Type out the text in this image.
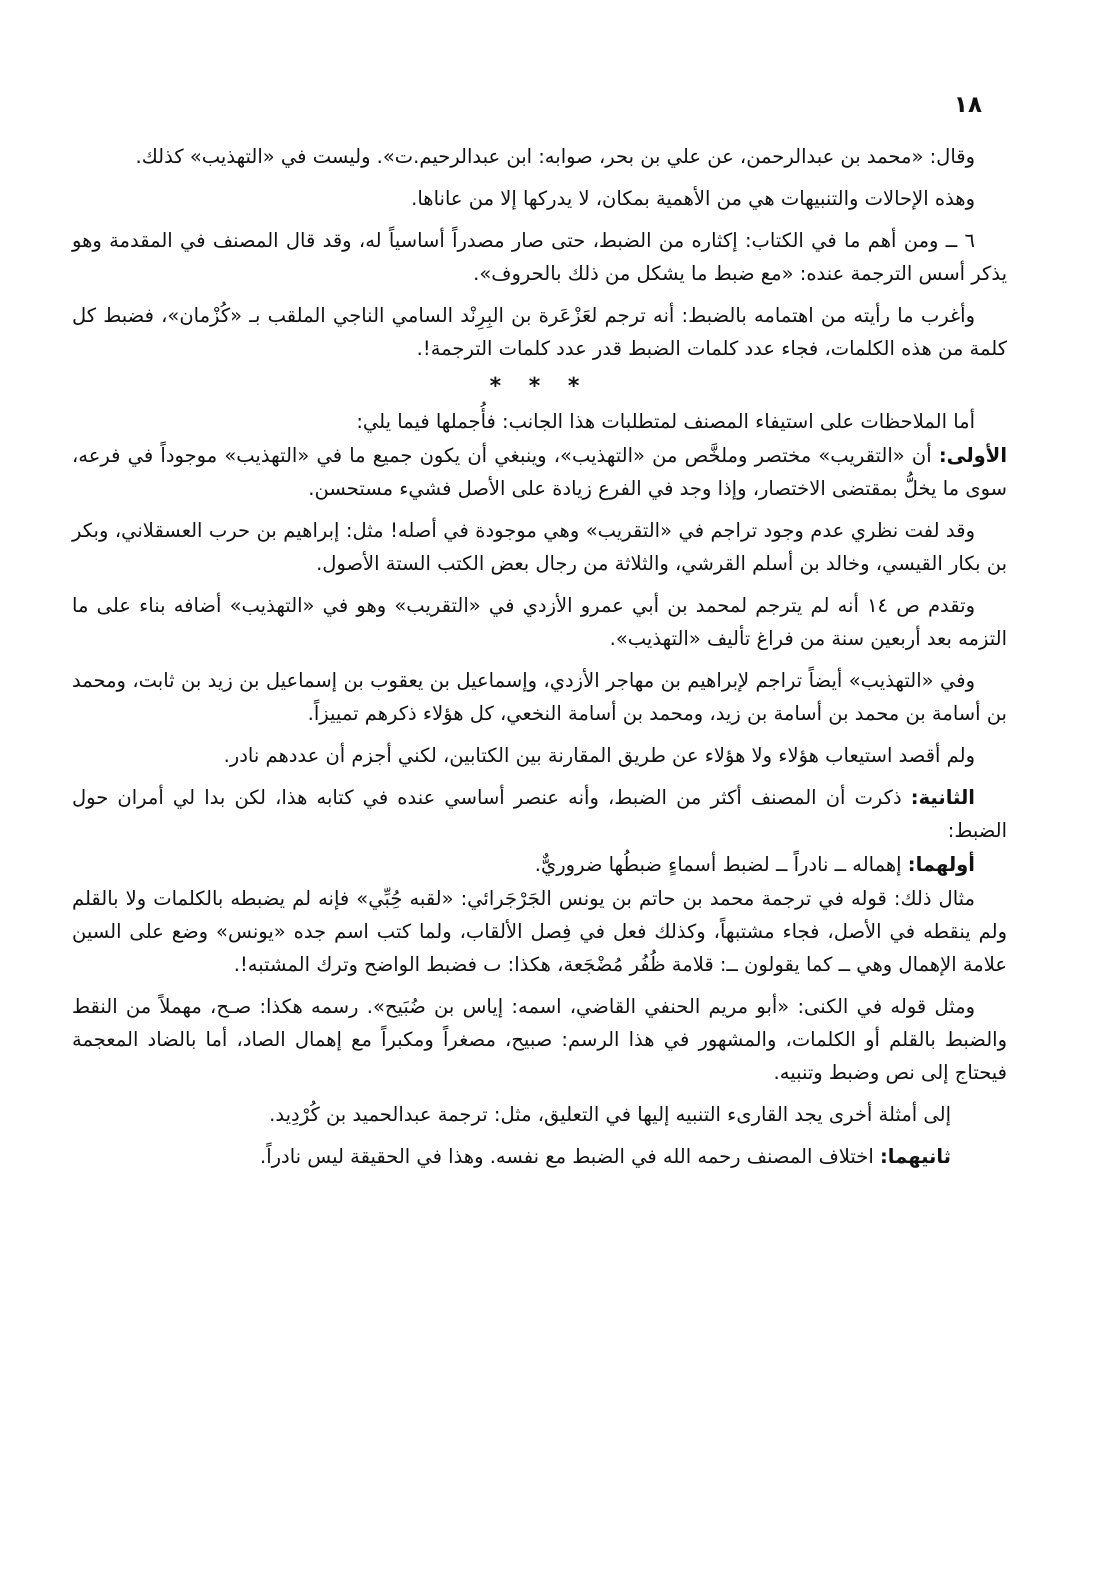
١٨

وقال: «محمد بن عبدالرحمن، عن علي بن بحر، صوابه: ابن عبدالرحيم.ت». وليست في «التهذيب» كذلك.

وهذه الإحالات والتنبيهات هي من الأهمية بمكان، لا يدركها إلا من عاناها.

٦ ــ ومن أهم ما في الكتاب: إكثاره من الضبط، حتى صار مصدراً أساسياً له، وقد قال المصنف في المقدمة وهو يذكر أسس الترجمة عنده: «مع ضبط ما يشكل من ذلك بالحروف».

وأغرب ما رأيته من اهتمامه بالضبط: أنه ترجم لعَزْعَرة بن البِرِنْد السامي الناجي الملقب بـ «كُزْمان»، فضبط كل كلمة من هذه الكلمات، فجاء عدد كلمات الضبط قدر عدد كلمات الترجمة!.

* * *

أما الملاحظات على استيفاء المصنف لمتطلبات هذا الجانب: فأُجملها فيما يلي:

الأولى: أن «التقريب» مختصر وملخَّص من «التهذيب»، وينبغي أن يكون جميع ما في «التهذيب» موجوداً في فرعه، سوى ما يخلُّ بمقتضى الاختصار، وإذا وجد في الفرع زيادة على الأصل فشيء مستحسن.

وقد لفت نظري عدم وجود تراجم في «التقريب» وهي موجودة في أصله! مثل: إبراهيم بن حرب العسقلاني، وبكر بن بكار القيسي، وخالد بن أسلم القرشي، والثلاثة من رجال بعض الكتب الستة الأصول.

وتقدم ص ١٤ أنه لم يترجم لمحمد بن أبي عمرو الأزدي في «التقريب» وهو في «التهذيب» أضافه بناء على ما التزمه بعد أربعين سنة من فراغ تأليف «التهذيب».

وفي «التهذيب» أيضاً تراجم لإبراهيم بن مهاجر الأزدي، وإسماعيل بن يعقوب بن إسماعيل بن زيد بن ثابت، ومحمد بن أسامة بن محمد بن أسامة بن زيد، ومحمد بن أسامة النخعي، كل هؤلاء ذكرهم تمييزاً.

ولم أقصد استيعاب هؤلاء ولا هؤلاء عن طريق المقارنة بين الكتابين، لكني أجزم أن عددهم نادر.

الثانية: ذكرت أن المصنف أكثر من الضبط، وأنه عنصر أساسي عنده في كتابه هذا، لكن بدا لي أمران حول الضبط:

أولهما: إهماله ــ نادراً ــ لضبط أسماءٍ ضبطُها ضروريٌّ.

مثال ذلك: قوله في ترجمة محمد بن حاتم بن يونس الجَرْجَرائي: «لقبه حُِبِّي» فإنه لم يضبطه بالكلمات ولا بالقلم ولم ينقطه في الأصل، فجاء مشتبهاً، وكذلك فعل في فِصل الألقاب، ولما كتب اسم جده «يونس» وضع على السين علامة الإهمال وهي ــ كما يقولون ــ: قلامة ظُفُر مُضْجَعة، هكذا: ٮ فضبط الواضح وترك المشتبه!.

ومثل قوله في الكنى: «أبو مريم الحنفي القاضي، اسمه: إياس بن ضُبَيح». رسمه هكذا: صـح، مهملاً من النقط والضبط بالقلم أو الكلمات، والمشهور في هذا الرسم: صبيح، مصغراً ومكبراً مع إهمال الصاد، أما بالضاد المعجمة فيحتاج إلى نص وضبط وتنبيه.

إلى أمثلة أخرى يجد القارىء التنبيه إليها في التعليق، مثل: ترجمة عبدالحميد بن كُرْدِيد.

ثانيهما: اختلاف المصنف رحمه الله في الضبط مع نفسه. وهذا في الحقيقة ليس نادراً.
